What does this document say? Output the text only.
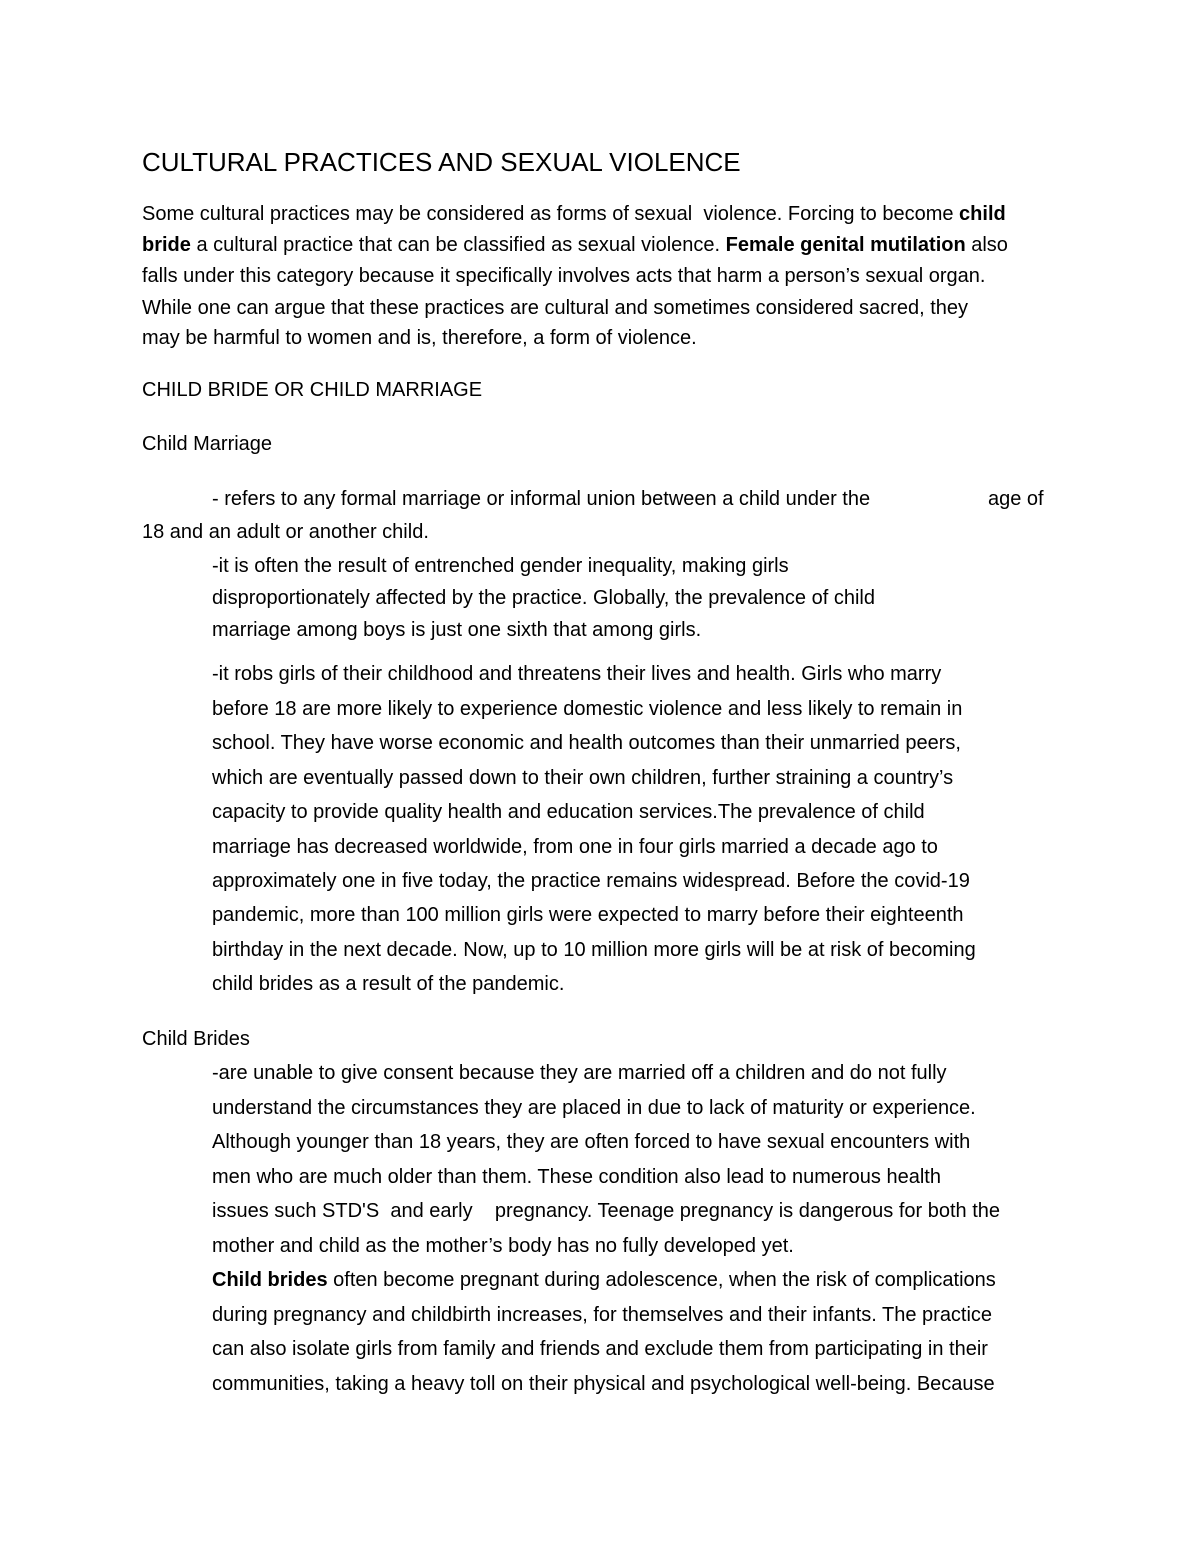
CULTURAL PRACTICES AND SEXUAL VIOLENCE
Some cultural practices may be considered as forms of sexual  violence. Forcing to become child
bride a cultural practice that can be classified as sexual violence. Female genital mutilation also
falls under this category because it specifically involves acts that harm a person’s sexual organ.
While one can argue that these practices are cultural and sometimes considered sacred, they
may be harmful to women and is, therefore, a form of violence.
CHILD BRIDE OR CHILD MARRIAGE
Child Marriage
- refers to any formal marriage or informal union between a child under the	age of
18 and an adult or another child.
-it is often the result of entrenched gender inequality, making girls
disproportionately affected by the practice. Globally, the prevalence of child
marriage among boys is just one sixth that among girls.
-it robs girls of their childhood and threatens their lives and health. Girls who marry
before 18 are more likely to experience domestic violence and less likely to remain in
school. They have worse economic and health outcomes than their unmarried peers,
which are eventually passed down to their own children, further straining a country’s
capacity to provide quality health and education services.The prevalence of child
marriage has decreased worldwide, from one in four girls married a decade ago to
approximately one in five today, the practice remains widespread. Before the covid-19
pandemic, more than 100 million girls were expected to marry before their eighteenth
birthday in the next decade. Now, up to 10 million more girls will be at risk of becoming
child brides as a result of the pandemic.
Child Brides
-are unable to give consent because they are married off a children and do not fully
understand the circumstances they are placed in due to lack of maturity or experience.
Although younger than 18 years, they are often forced to have sexual encounters with
men who are much older than them. These condition also lead to numerous health
issues such STD'S  and early    pregnancy. Teenage pregnancy is dangerous for both the
mother and child as the mother’s body has no fully developed yet.
Child brides often become pregnant during adolescence, when the risk of complications
during pregnancy and childbirth increases, for themselves and their infants. The practice
can also isolate girls from family and friends and exclude them from participating in their
communities, taking a heavy toll on their physical and psychological well-being. Because
